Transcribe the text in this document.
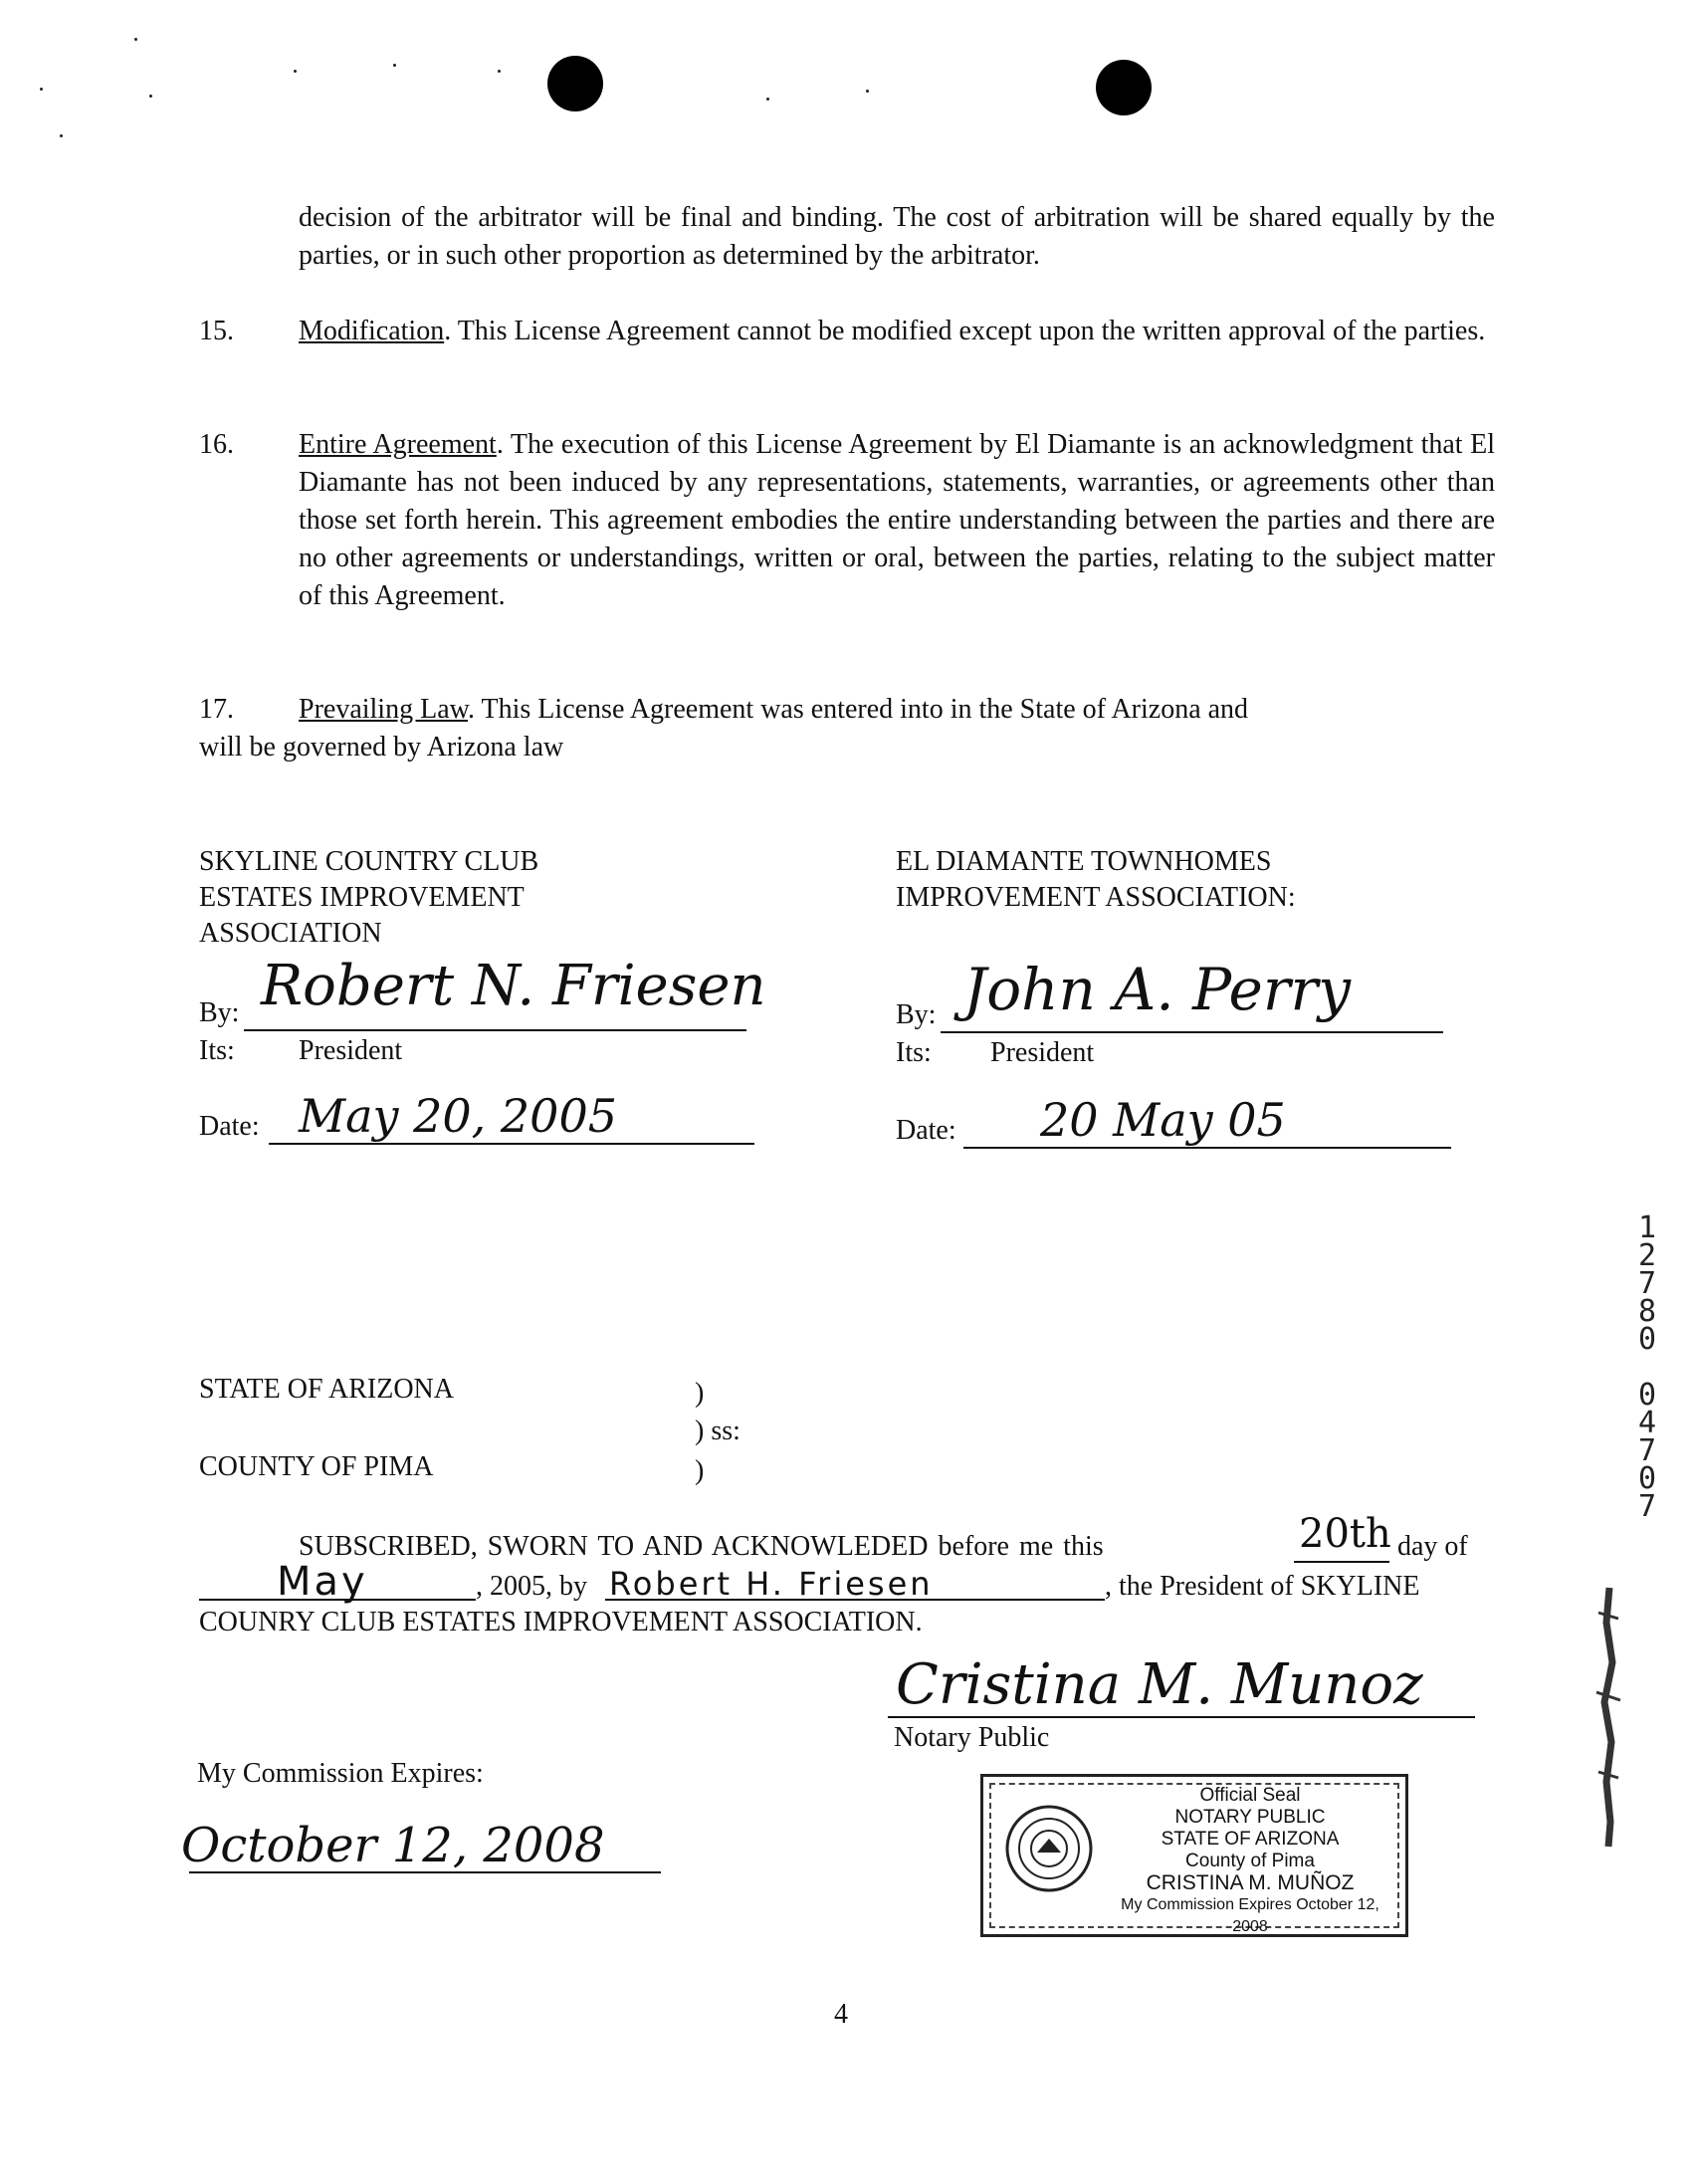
decision of the arbitrator will be final and binding. The cost of arbitration will be shared equally by the parties, or in such other proportion as determined by the arbitrator.
15. Modification. This License Agreement cannot be modified except upon the written approval of the parties.
16. Entire Agreement. The execution of this License Agreement by El Diamante is an acknowledgment that El Diamante has not been induced by any representations, statements, warranties, or agreements other than those set forth herein. This agreement embodies the entire understanding between the parties and there are no other agreements or understandings, written or oral, between the parties, relating to the subject matter of this Agreement.
17. Prevailing Law. This License Agreement was entered into in the State of Arizona and
will be governed by Arizona law
SKYLINE COUNTRY CLUB
ESTATES IMPROVEMENT
ASSOCIATION
By: Robert N. Friesen
Its: President
Date: May 20, 2005
EL DIAMANTE TOWNHOMES
IMPROVEMENT ASSOCIATION:
By: John A. Perry
Its: President
Date: 20 May 05
1
2
7
8
0
0
4
7
0
7
STATE OF ARIZONA
COUNTY OF PIMA
)
) ss:
)
SUBSCRIBED, SWORN TO AND ACKNOWLEDED before me this	20th day of
May	, 2005, by Robert H. Friesen	, the President of SKYLINE
COUNRY CLUB ESTATES IMPROVEMENT ASSOCIATION.
Cristina M. Munoz
Notary Public
My Commission Expires:
October 12, 2008
Official Seal
NOTARY PUBLIC
STATE OF ARIZONA
County of Pima
CRISTINA M. MUÑOZ
My Commission Expires October 12, 2008
4
